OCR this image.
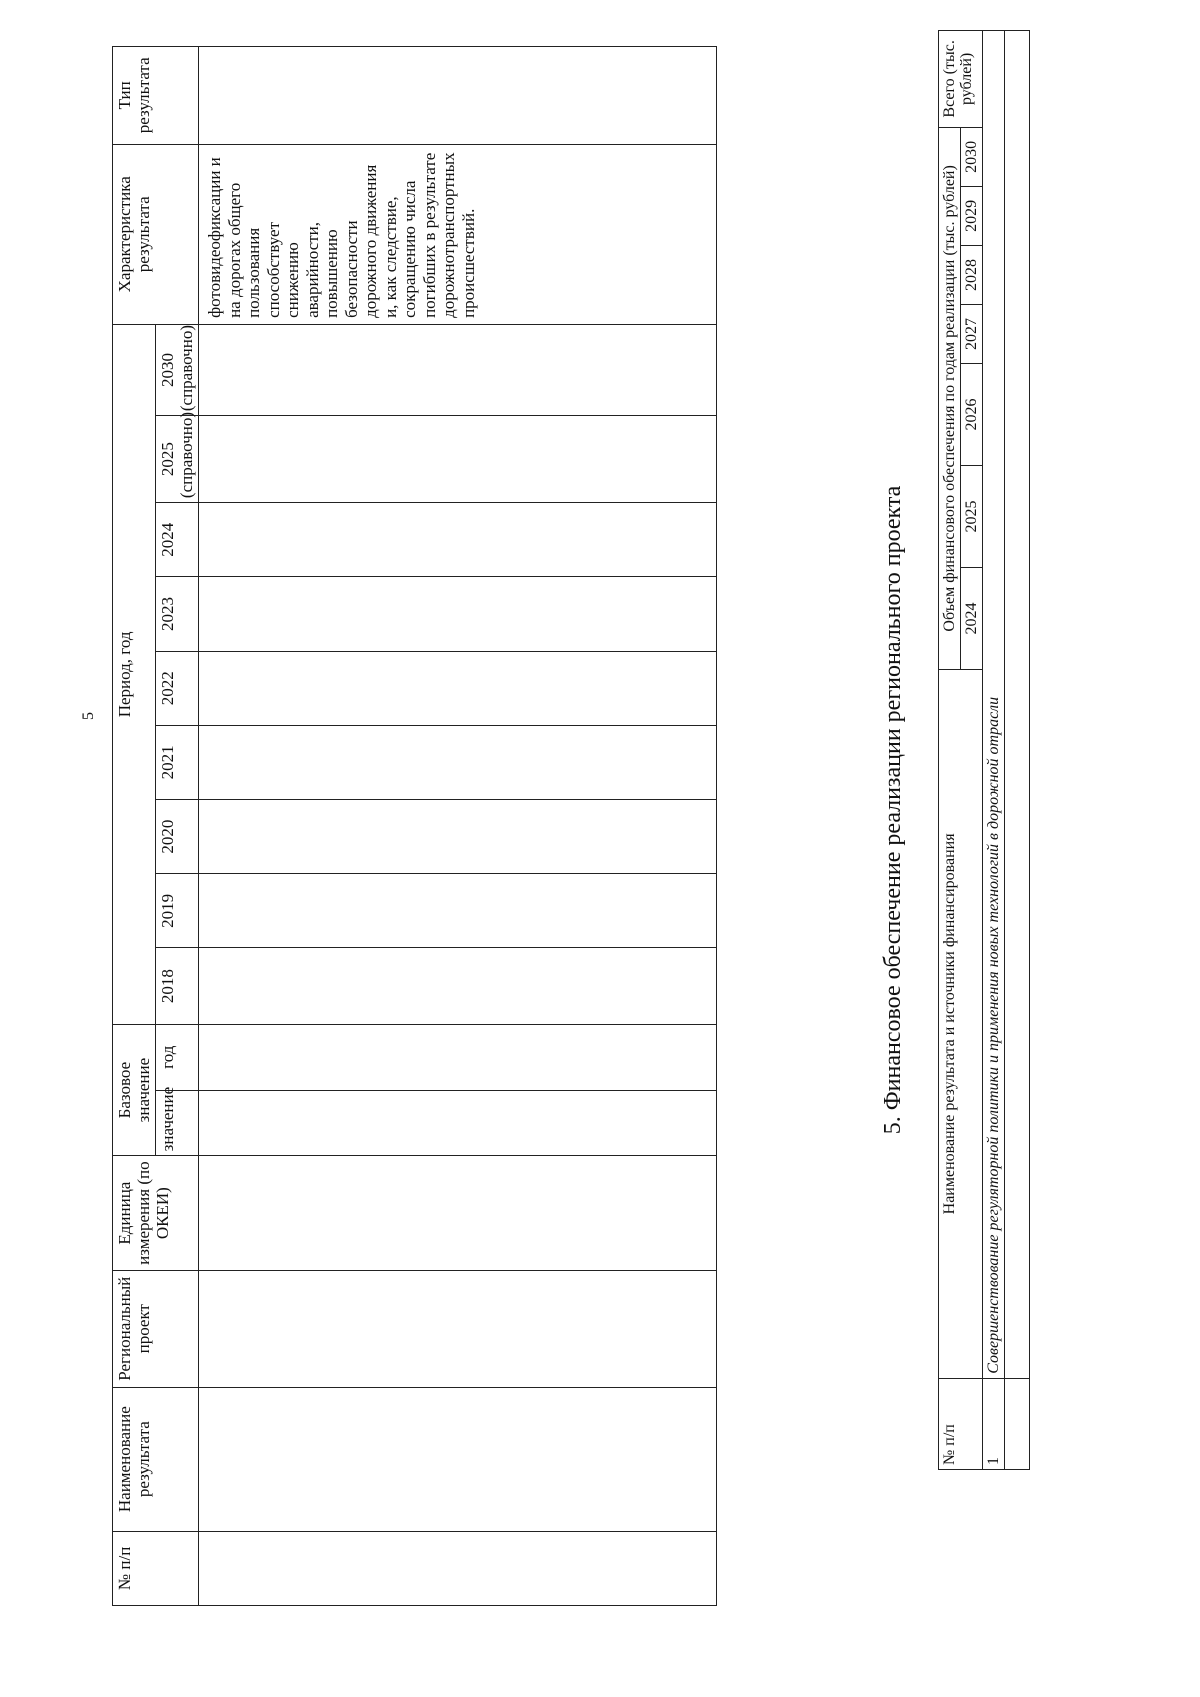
5
№ п/п	Наименование результата	Региональный проект	Единица измерения (по ОКЕИ)	Базовое значение		Период, год									Характеристика результата	Тип результата
				значение	год	2018	2019	2020	2021	2022	2023	2024	2025 (справочно)	2030 (справочно)		
															фотовидеофиксации и на дорогах общего пользования способствует снижению аварийности, повышению безопасности дорожного движения и, как следствие, сокращению числа погибших в результате дорожнотранспортных происшествий.	
5. Финансовое обеспечение реализации регионального проекта
№ п/п	Наименование результата и источники финансирования	Объем финансового обеспечения по годам реализации (тыс. рублей)							Всего (тыс. рублей)
		2024	2025	2026	2027	2028	2029	2030	
1	Совершенствование регуляторной политики и применения новых технологий в дорожной отрасли								
